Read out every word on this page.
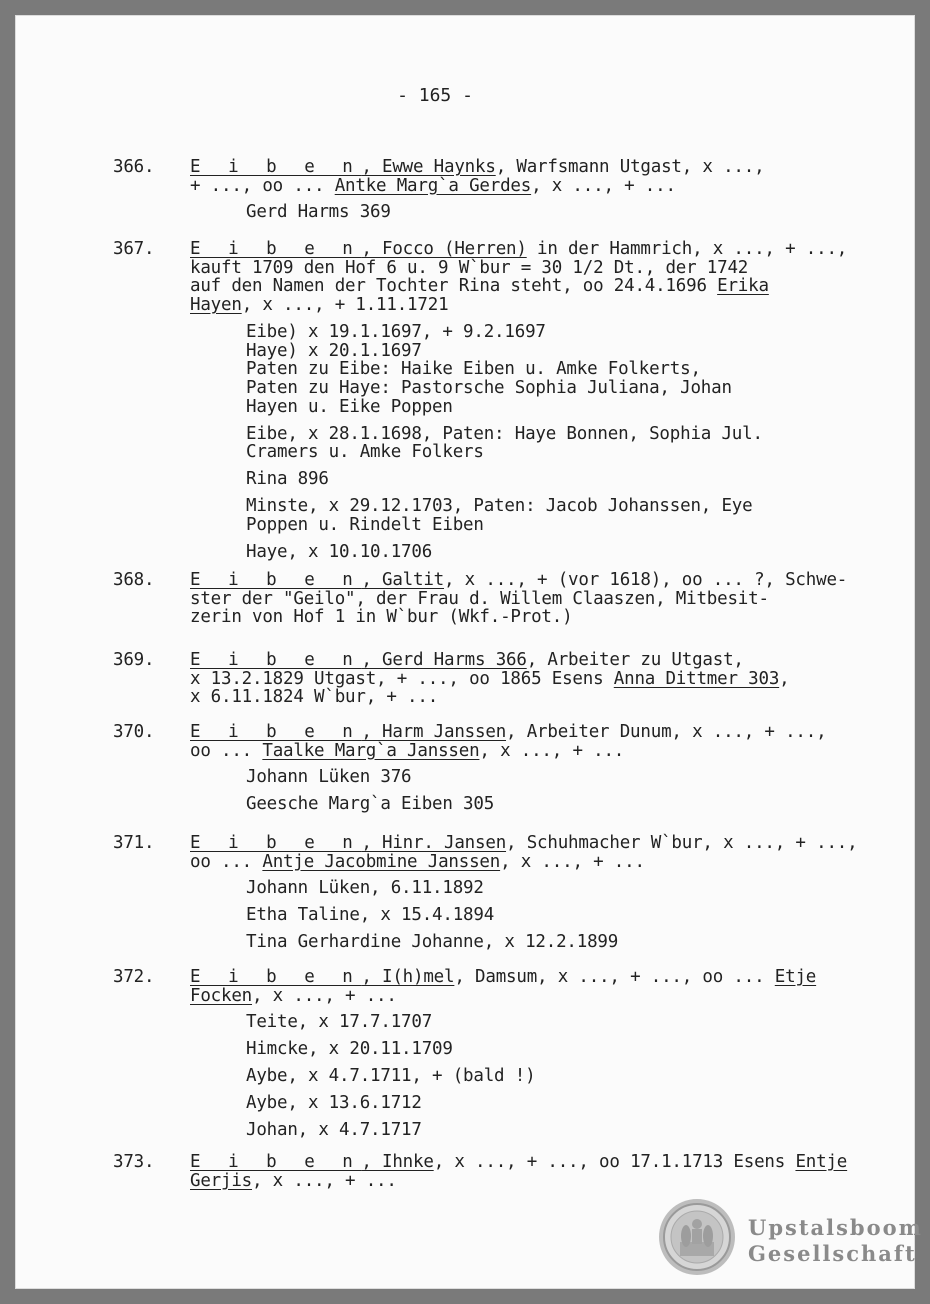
- 165 -
366. E i b e n, Ewwe Haynks, Warfsmann Utgast, x ...,
+ ..., oo ... Antke Marg`a Gerdes, x ..., + ...
Gerd Harms 369
367. E i b e n, Focco (Herren) in der Hammrich, x ..., + ...,
kauft 1709 den Hof 6 u. 9 W`bur = 30 1/2 Dt., der 1742
auf den Namen der Tochter Rina steht, oo 24.4.1696 Erika
Hayen, x ..., + 1.11.1721
Eibe) x 19.1.1697, + 9.2.1697
Haye) x 20.1.1697
Paten zu Eibe: Haike Eiben u. Amke Folkerts,
Paten zu Haye: Pastorsche Sophia Juliana, Johan
Hayen u. Eike Poppen
Eibe, x 28.1.1698, Paten: Haye Bonnen, Sophia Jul.
Cramers u. Amke Folkers
Rina 896
Minste, x 29.12.1703, Paten: Jacob Johanssen, Eye
Poppen u. Rindelt Eiben
Haye, x 10.10.1706
368. E i b e n, Galtit, x ..., + (vor 1618), oo ... ?, Schwe-
ster der "Geilo", der Frau d. Willem Claaszen, Mitbesit-
zerin von Hof 1 in W`bur (Wkf.-Prot.)
369. E i b e n, Gerd Harms 366, Arbeiter zu Utgast,
x 13.2.1829 Utgast, + ..., oo 1865 Esens Anna Dittmer 303,
x 6.11.1824 W`bur, + ...
370. E i b e n, Harm Janssen, Arbeiter Dunum, x ..., + ...,
oo ... Taalke Marg`a Janssen, x ..., + ...
Johann Lüken 376
Geesche Marg`a Eiben 305
371. E i b e n, Hinr. Jansen, Schuhmacher W`bur, x ..., + ...,
oo ... Antje Jacobmine Janssen, x ..., + ...
Johann Lüken, 6.11.1892
Etha Taline, x 15.4.1894
Tina Gerhardine Johanne, x 12.2.1899
372. E i b e n, I(h)mel, Damsum, x ..., + ..., oo ... Etje
Focken, x ..., + ...
Teite, x 17.7.1707
Himcke, x 20.11.1709
Aybe, x 4.7.1711, + (bald !)
Aybe, x 13.6.1712
Johan, x 4.7.1717
373. E i b e n, Ihnke, x ..., + ..., oo 17.1.1713 Esens Entje
Gerjis, x ..., + ...
Upstalsboom
Gesellschaft
